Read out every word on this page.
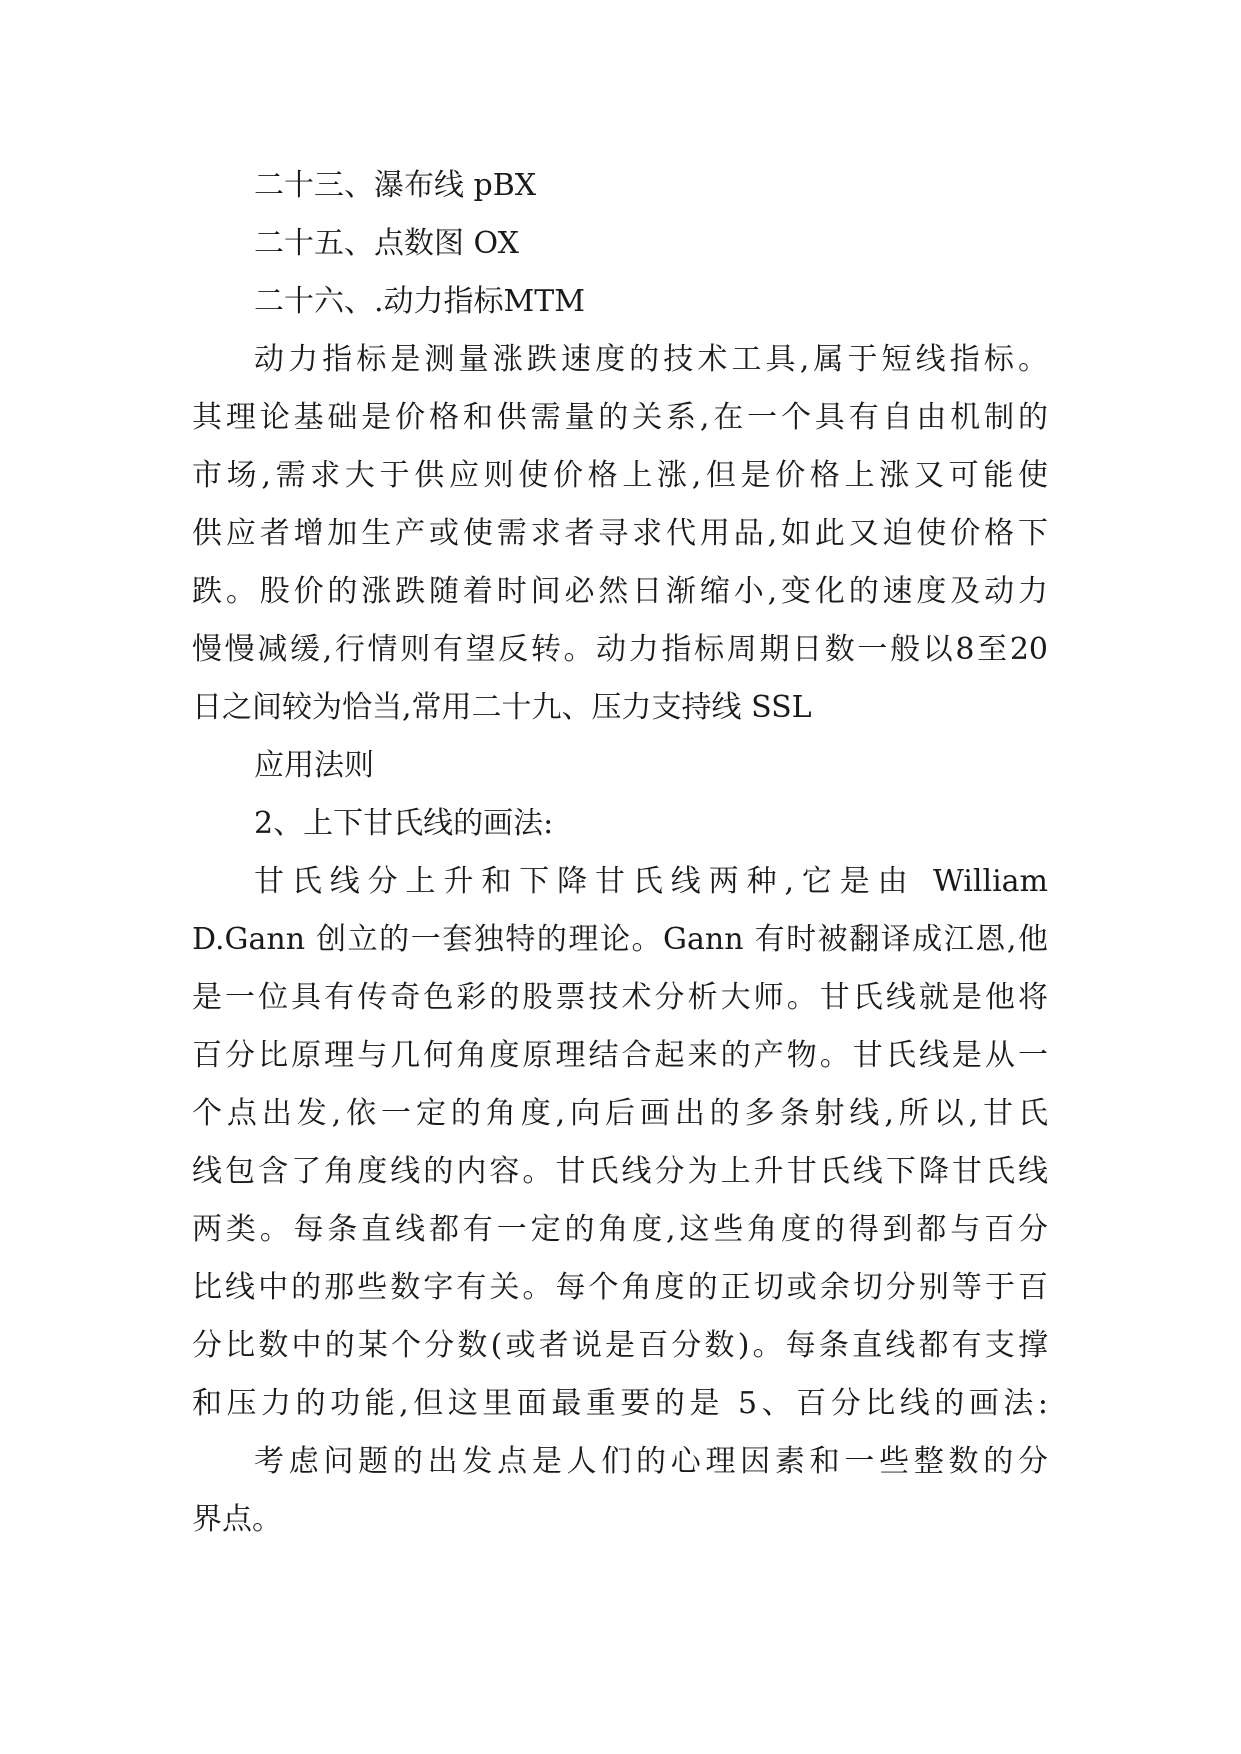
二十三、瀑布线 pBX
二十五、点数图 OX
二十六、.动力指标MTM
动力指标是测量涨跌速度的技术工具,属于短线指标。
其理论基础是价格和供需量的关系,在一个具有自由机制的
市场,需求大于供应则使价格上涨,但是价格上涨又可能使
供应者增加生产或使需求者寻求代用品,如此又迫使价格下
跌。股价的涨跌随着时间必然日渐缩小,变化的速度及动力
慢慢减缓,行情则有望反转。动力指标周期日数一般以8至20
日之间较为恰当,常用二十九、压力支持线 SSL
应用法则
2、上下甘氏线的画法:
甘氏线分上升和下降甘氏线两种,它是由 William
D.Gann 创立的一套独特的理论。Gann 有时被翻译成江恩,他
是一位具有传奇色彩的股票技术分析大师。甘氏线就是他将
百分比原理与几何角度原理结合起来的产物。甘氏线是从一
个点出发,依一定的角度,向后画出的多条射线,所以,甘氏
线包含了角度线的内容。甘氏线分为上升甘氏线下降甘氏线
两类。每条直线都有一定的角度,这些角度的得到都与百分
比线中的那些数字有关。每个角度的正切或余切分别等于百
分比数中的某个分数(或者说是百分数)。每条直线都有支撑
和压力的功能,但这里面最重要的是 5、百分比线的画法:
考虑问题的出发点是人们的心理因素和一些整数的分
界点。
